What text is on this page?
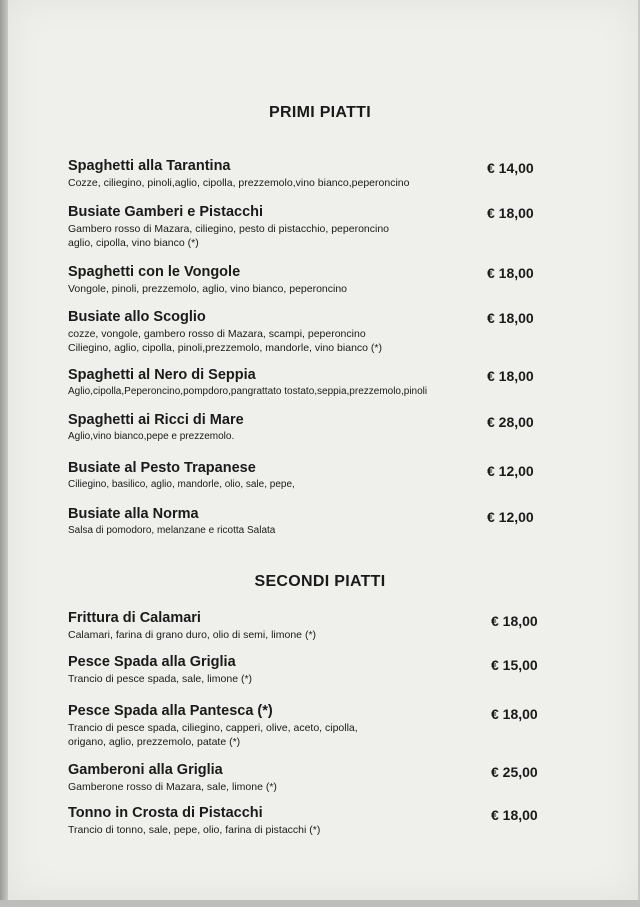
PRIMI PIATTI
Spaghetti alla Tarantina
Cozze, ciliegino, pinoli,aglio, cipolla, prezzemolo,vino bianco,peperoncino
€ 14,00
Busiate Gamberi e Pistacchi
Gambero rosso di Mazara, ciliegino, pesto di pistacchio, peperoncino
aglio, cipolla, vino bianco (*)
€ 18,00
Spaghetti con le Vongole
Vongole, pinoli, prezzemolo, aglio, vino bianco, peperoncino
€ 18,00
Busiate allo Scoglio
cozze, vongole, gambero rosso di Mazara, scampi, peperoncino
Ciliegino, aglio, cipolla, pinoli,prezzemolo, mandorle, vino bianco (*)
€ 18,00
Spaghetti al Nero di Seppia
Aglio,cipolla,Peperoncino,pompdoro,pangrattato tostato,seppia,prezzemolo,pinoli
€ 18,00
Spaghetti ai Ricci di Mare
Aglio,vino bianco,pepe e prezzemolo.
€ 28,00
Busiate al Pesto Trapanese
Ciliegino, basilico, aglio, mandorle, olio, sale, pepe,
€ 12,00
Busiate alla Norma
Salsa di pomodoro, melanzane e ricotta Salata
€ 12,00
SECONDI PIATTI
Frittura di Calamari
Calamari, farina di grano duro, olio di semi, limone (*)
€ 18,00
Pesce Spada alla Griglia
Trancio di pesce spada, sale, limone (*)
€ 15,00
Pesce Spada alla Pantesca (*)
Trancio di pesce spada, ciliegino, capperi, olive, aceto, cipolla,
origano, aglio, prezzemolo, patate (*)
€ 18,00
Gamberoni alla Griglia
Gamberone rosso di Mazara, sale, limone (*)
€ 25,00
Tonno in Crosta di Pistacchi
Trancio di tonno, sale, pepe, olio, farina di pistacchi (*)
€ 18,00
